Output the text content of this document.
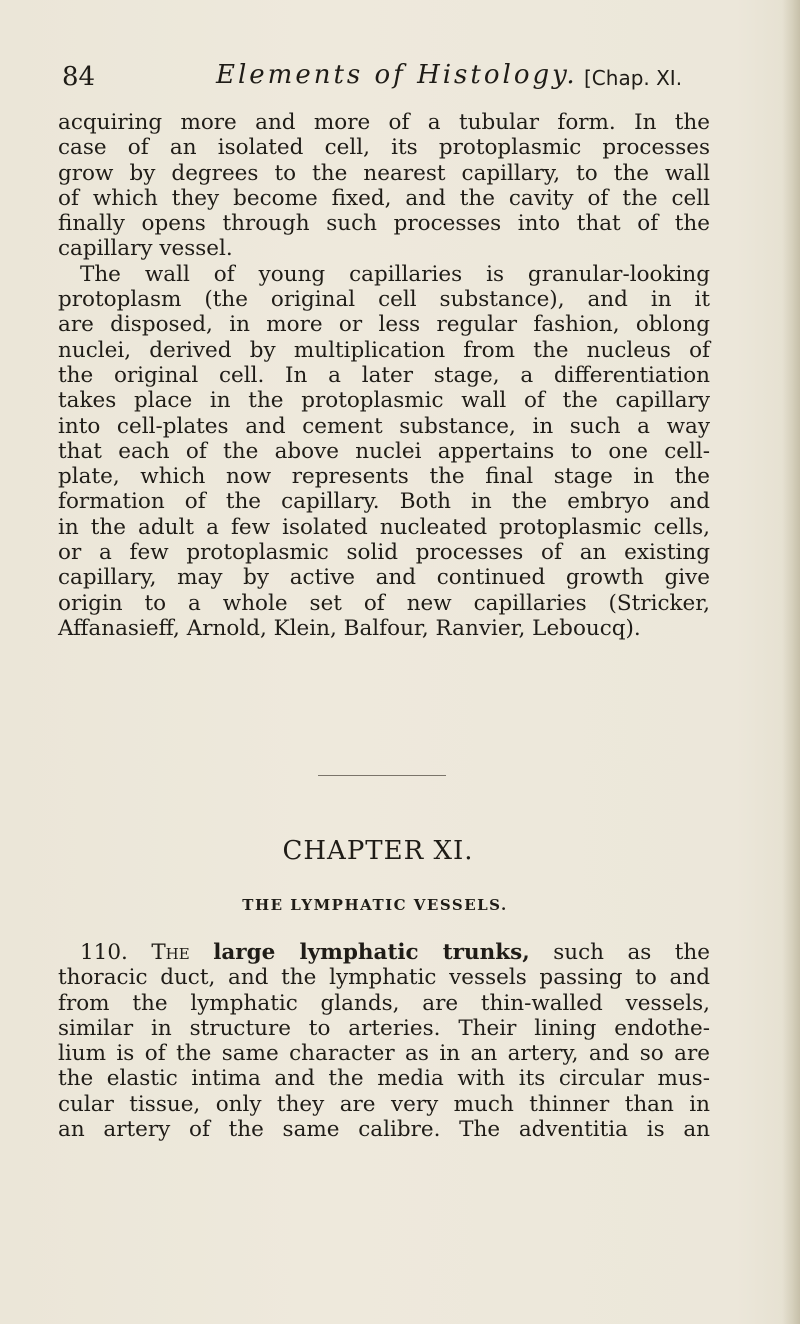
84	Elements of Histology. [Chap. XI.
acquiring more and more of a tubular form. In the
case of an isolated cell, its protoplasmic processes
grow by degrees to the nearest capillary, to the wall
of which they become fixed, and the cavity of the cell
finally opens through such processes into that of the
capillary vessel.
The wall of young capillaries is granular-looking
protoplasm (the original cell substance), and in it
are disposed, in more or less regular fashion, oblong
nuclei, derived by multiplication from the nucleus of
the original cell. In a later stage, a differentiation
takes place in the protoplasmic wall of the capillary
into cell-plates and cement substance, in such a way
that each of the above nuclei appertains to one cell-
plate, which now represents the final stage in the
formation of the capillary. Both in the embryo and
in the adult a few isolated nucleated protoplasmic cells,
or a few protoplasmic solid processes of an existing
capillary, may by active and continued growth give
origin to a whole set of new capillaries (Stricker,
Affanasieff, Arnold, Klein, Balfour, Ranvier, Leboucq).
CHAPTER XI.
THE LYMPHATIC VESSELS.
110. The large lymphatic trunks, such as the
thoracic duct, and the lymphatic vessels passing to and
from the lymphatic glands, are thin-walled vessels,
similar in structure to arteries. Their lining endothe-
lium is of the same character as in an artery, and so are
the elastic intima and the media with its circular mus-
cular tissue, only they are very much thinner than in
an artery of the same calibre. The adventitia is an
